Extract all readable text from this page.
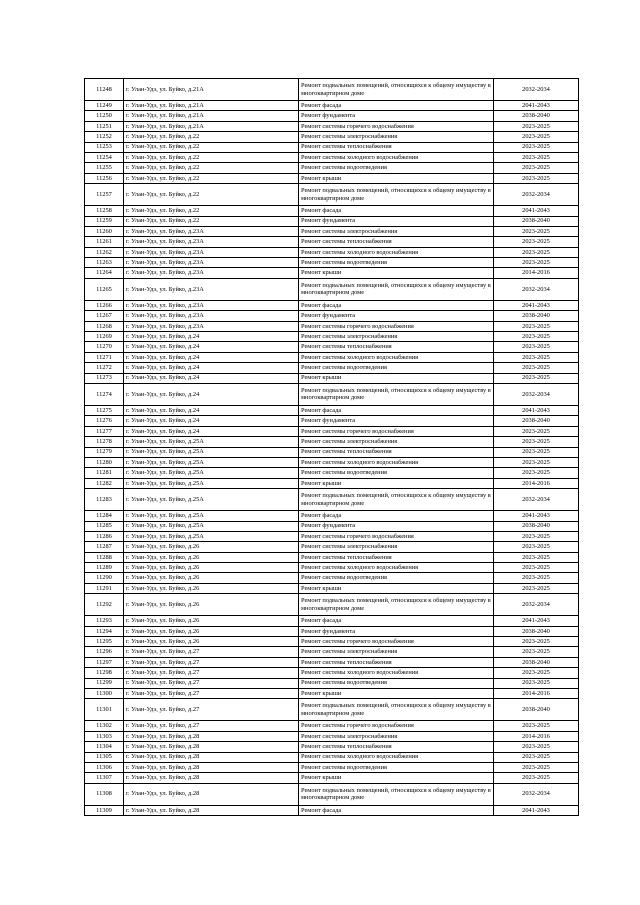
11248	г. Улан-Удэ, ул. Буйко, д.21А	Ремонт подвальных помещений, относящихся к общему имуществу в многоквартирном доме	2032-2034
11249	г. Улан-Удэ, ул. Буйко, д.21А	Ремонт фасада	2041-2043
11250	г. Улан-Удэ, ул. Буйко, д.21А	Ремонт фундамента	2038-2040
11251	г. Улан-Удэ, ул. Буйко, д.21А	Ремонт системы горячего водоснабжения	2023-2025
11252	г. Улан-Удэ, ул. Буйко, д.22	Ремонт системы электроснабжения	2023-2025
11253	г. Улан-Удэ, ул. Буйко, д.22	Ремонт системы теплоснабжения	2023-2025
11254	г. Улан-Удэ, ул. Буйко, д.22	Ремонт системы холодного водоснабжения	2023-2025
11255	г. Улан-Удэ, ул. Буйко, д.22	Ремонт системы водоотведения	2023-2025
11256	г. Улан-Удэ, ул. Буйко, д.22	Ремонт крыши	2023-2025
11257	г. Улан-Удэ, ул. Буйко, д.22	Ремонт подвальных помещений, относящихся к общему имуществу в многоквартирном доме	2032-2034
11258	г. Улан-Удэ, ул. Буйко, д.22	Ремонт фасада	2041-2043
11259	г. Улан-Удэ, ул. Буйко, д.22	Ремонт фундамента	2038-2040
11260	г. Улан-Удэ, ул. Буйко, д.23А	Ремонт системы электроснабжения	2023-2025
11261	г. Улан-Удэ, ул. Буйко, д.23А	Ремонт системы теплоснабжения	2023-2025
11262	г. Улан-Удэ, ул. Буйко, д.23А	Ремонт системы холодного водоснабжения	2023-2025
11263	г. Улан-Удэ, ул. Буйко, д.23А	Ремонт системы водоотведения	2023-2025
11264	г. Улан-Удэ, ул. Буйко, д.23А	Ремонт крыши	2014-2016
11265	г. Улан-Удэ, ул. Буйко, д.23А	Ремонт подвальных помещений, относящихся к общему имуществу в многоквартирном доме	2032-2034
11266	г. Улан-Удэ, ул. Буйко, д.23А	Ремонт фасада	2041-2043
11267	г. Улан-Удэ, ул. Буйко, д.23А	Ремонт фундамента	2038-2040
11268	г. Улан-Удэ, ул. Буйко, д.23А	Ремонт системы горячего водоснабжения	2023-2025
11269	г. Улан-Удэ, ул. Буйко, д.24	Ремонт системы электроснабжения	2023-2025
11270	г. Улан-Удэ, ул. Буйко, д.24	Ремонт системы теплоснабжения	2023-2025
11271	г. Улан-Удэ, ул. Буйко, д.24	Ремонт системы холодного водоснабжения	2023-2025
11272	г. Улан-Удэ, ул. Буйко, д.24	Ремонт системы водоотведения	2023-2025
11273	г. Улан-Удэ, ул. Буйко, д.24	Ремонт крыши	2023-2025
11274	г. Улан-Удэ, ул. Буйко, д.24	Ремонт подвальных помещений, относящихся к общему имуществу в многоквартирном доме	2032-2034
11275	г. Улан-Удэ, ул. Буйко, д.24	Ремонт фасада	2041-2043
11276	г. Улан-Удэ, ул. Буйко, д.24	Ремонт фундамента	2038-2040
11277	г. Улан-Удэ, ул. Буйко, д.24	Ремонт системы горячего водоснабжения	2023-2025
11278	г. Улан-Удэ, ул. Буйко, д.25А	Ремонт системы электроснабжения	2023-2025
11279	г. Улан-Удэ, ул. Буйко, д.25А	Ремонт системы теплоснабжения	2023-2025
11280	г. Улан-Удэ, ул. Буйко, д.25А	Ремонт системы холодного водоснабжения	2023-2025
11281	г. Улан-Удэ, ул. Буйко, д.25А	Ремонт системы водоотведения	2023-2025
11282	г. Улан-Удэ, ул. Буйко, д.25А	Ремонт крыши	2014-2016
11283	г. Улан-Удэ, ул. Буйко, д.25А	Ремонт подвальных помещений, относящихся к общему имуществу в многоквартирном доме	2032-2034
11284	г. Улан-Удэ, ул. Буйко, д.25А	Ремонт фасада	2041-2043
11285	г. Улан-Удэ, ул. Буйко, д.25А	Ремонт фундамента	2038-2040
11286	г. Улан-Удэ, ул. Буйко, д.25А	Ремонт системы горячего водоснабжения	2023-2025
11287	г. Улан-Удэ, ул. Буйко, д.26	Ремонт системы электроснабжения	2023-2025
11288	г. Улан-Удэ, ул. Буйко, д.26	Ремонт системы теплоснабжения	2023-2025
11289	г. Улан-Удэ, ул. Буйко, д.26	Ремонт системы холодного водоснабжения	2023-2025
11290	г. Улан-Удэ, ул. Буйко, д.26	Ремонт системы водоотведения	2023-2025
11291	г. Улан-Удэ, ул. Буйко, д.26	Ремонт крыши	2023-2025
11292	г. Улан-Удэ, ул. Буйко, д.26	Ремонт подвальных помещений, относящихся к общему имуществу в многоквартирном доме	2032-2034
11293	г. Улан-Удэ, ул. Буйко, д.26	Ремонт фасада	2041-2043
11294	г. Улан-Удэ, ул. Буйко, д.26	Ремонт фундамента	2038-2040
11295	г. Улан-Удэ, ул. Буйко, д.26	Ремонт системы горячего водоснабжения	2023-2025
11296	г. Улан-Удэ, ул. Буйко, д.27	Ремонт системы электроснабжения	2023-2025
11297	г. Улан-Удэ, ул. Буйко, д.27	Ремонт системы теплоснабжения	2038-2040
11298	г. Улан-Удэ, ул. Буйко, д.27	Ремонт системы холодного водоснабжения	2023-2025
11299	г. Улан-Удэ, ул. Буйко, д.27	Ремонт системы водоотведения	2023-2025
11300	г. Улан-Удэ, ул. Буйко, д.27	Ремонт крыши	2014-2016
11301	г. Улан-Удэ, ул. Буйко, д.27	Ремонт подвальных помещений, относящихся к общему имуществу в многоквартирном доме	2038-2040
11302	г. Улан-Удэ, ул. Буйко, д.27	Ремонт системы горячего водоснабжения	2023-2025
11303	г. Улан-Удэ, ул. Буйко, д.28	Ремонт системы электроснабжения	2014-2016
11304	г. Улан-Удэ, ул. Буйко, д.28	Ремонт системы теплоснабжения	2023-2025
11305	г. Улан-Удэ, ул. Буйко, д.28	Ремонт системы холодного водоснабжения	2023-2025
11306	г. Улан-Удэ, ул. Буйко, д.28	Ремонт системы водоотведения	2023-2025
11307	г. Улан-Удэ, ул. Буйко, д.28	Ремонт крыши	2023-2025
11308	г. Улан-Удэ, ул. Буйко, д.28	Ремонт подвальных помещений, относящихся к общему имуществу в многоквартирном доме	2032-2034
11309	г. Улан-Удэ, ул. Буйко, д.28	Ремонт фасада	2041-2043
